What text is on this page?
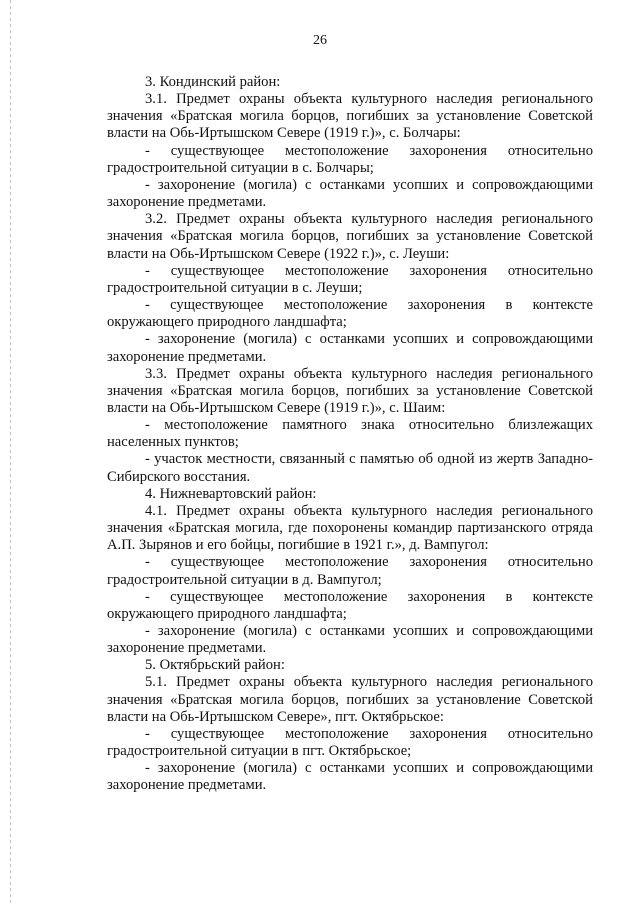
26

3. Кондинский район:

3.1. Предмет охраны объекта культурного наследия регионального значения «Братская могила борцов, погибших за установление Советской власти на Обь-Иртышском Севере (1919 г.)», с. Болчары:

- существующее местоположение захоронения относительно градостроительной ситуации в с. Болчары;

- захоронение (могила) с останками усопших и сопровождающими захоронение предметами.

3.2. Предмет охраны объекта культурного наследия регионального значения «Братская могила борцов, погибших за установление Советской власти на Обь-Иртышском Севере (1922 г.)», с. Леуши:

- существующее местоположение захоронения относительно градостроительной ситуации в с. Леуши;

- существующее местоположение захоронения в контексте окружающего природного ландшафта;

- захоронение (могила) с останками усопших и сопровождающими захоронение предметами.

3.3. Предмет охраны объекта культурного наследия регионального значения «Братская могила борцов, погибших за установление Советской власти на Обь-Иртышском Севере (1919 г.)», с. Шаим:

- местоположение памятного знака относительно близлежащих населенных пунктов;

- участок местности, связанный с памятью об одной из жертв Западно-Сибирского восстания.

4. Нижневартовский район:

4.1. Предмет охраны объекта культурного наследия регионального значения «Братская могила, где похоронены командир партизанского отряда А.П. Зырянов и его бойцы, погибшие в 1921 г.», д. Вампугол:

- существующее местоположение захоронения относительно градостроительной ситуации в д. Вампугол;

- существующее местоположение захоронения в контексте окружающего природного ландшафта;

- захоронение (могила) с останками усопших и сопровождающими захоронение предметами.

5. Октябрьский район:

5.1. Предмет охраны объекта культурного наследия регионального значения «Братская могила борцов, погибших за установление Советской власти на Обь-Иртышском Севере», пгт. Октябрьское:

- существующее местоположение захоронения относительно градостроительной ситуации в пгт. Октябрьское;

- захоронение (могила) с останками усопших и сопровождающими захоронение предметами.
